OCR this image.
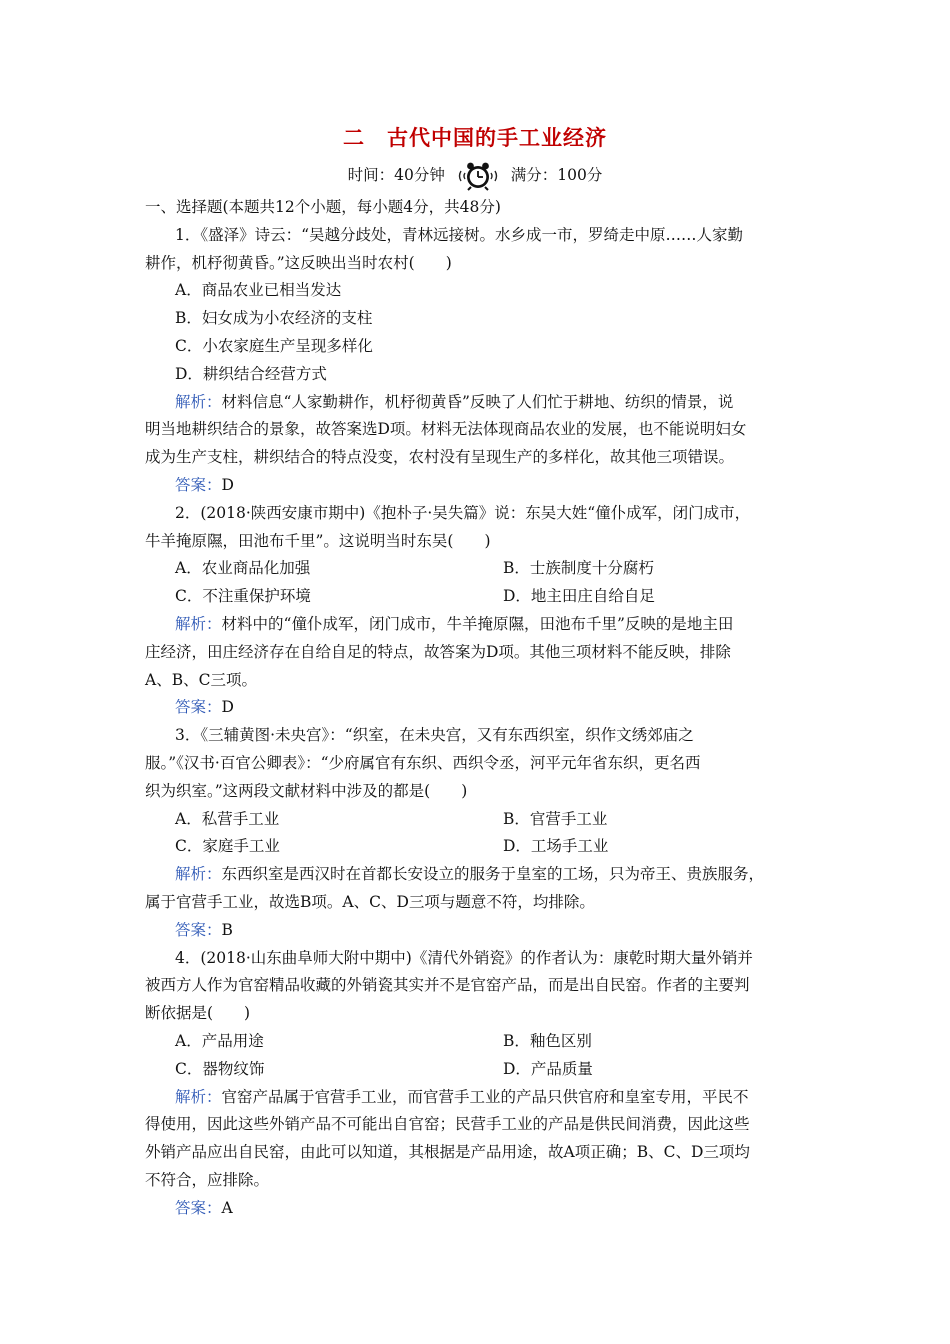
二　古代中国的手工业经济
时间：40分钟	满分：100分
一、选择题(本题共12个小题，每小题4分，共48分)
1．《盛泽》诗云：“吴越分歧处，青林远接树。水乡成一市，罗绮走中原……人家勤
耕作，机杼彻黄昏。”这反映出当时农村(　　)
A．商品农业已相当发达
B．妇女成为小农经济的支柱
C．小农家庭生产呈现多样化
D．耕织结合经营方式
解析：材料信息“人家勤耕作，机杼彻黄昏”反映了人们忙于耕地、纺织的情景，说
明当地耕织结合的景象，故答案选D项。材料无法体现商品农业的发展，也不能说明妇女
成为生产支柱，耕织结合的特点没变，农村没有呈现生产的多样化，故其他三项错误。
答案：D
2．(2018·陕西安康市期中)《抱朴子·吴失篇》说：东吴大姓“僮仆成军，闭门成市，
牛羊掩原隰，田池布千里”。这说明当时东吴(　　)
A．农业商品化加强	B．士族制度十分腐朽
C．不注重保护环境	D．地主田庄自给自足
解析：材料中的“僮仆成军，闭门成市，牛羊掩原隰，田池布千里”反映的是地主田
庄经济，田庄经济存在自给自足的特点，故答案为D项。其他三项材料不能反映，排除
A、B、C三项。
答案：D
3．《三辅黄图·未央宫》：“织室，在未央宫，又有东西织室，织作文绣郊庙之
服。”《汉书·百官公卿表》：“少府属官有东织、西织令丞，河平元年省东织，更名西
织为织室。”这两段文献材料中涉及的都是(　　)
A．私营手工业	B．官营手工业
C．家庭手工业	D．工场手工业
解析：东西织室是西汉时在首都长安设立的服务于皇室的工场，只为帝王、贵族服务，
属于官营手工业，故选B项。A、C、D三项与题意不符，均排除。
答案：B
4．(2018·山东曲阜师大附中期中)《清代外销瓷》的作者认为：康乾时期大量外销并
被西方人作为官窑精品收藏的外销瓷其实并不是官窑产品，而是出自民窑。作者的主要判
断依据是(　　)
A．产品用途	B．釉色区别
C．器物纹饰	D．产品质量
解析：官窑产品属于官营手工业，而官营手工业的产品只供官府和皇室专用，平民不
得使用，因此这些外销产品不可能出自官窑；民营手工业的产品是供民间消费，因此这些
外销产品应出自民窑，由此可以知道，其根据是产品用途，故A项正确；B、C、D三项均
不符合，应排除。
答案：A
